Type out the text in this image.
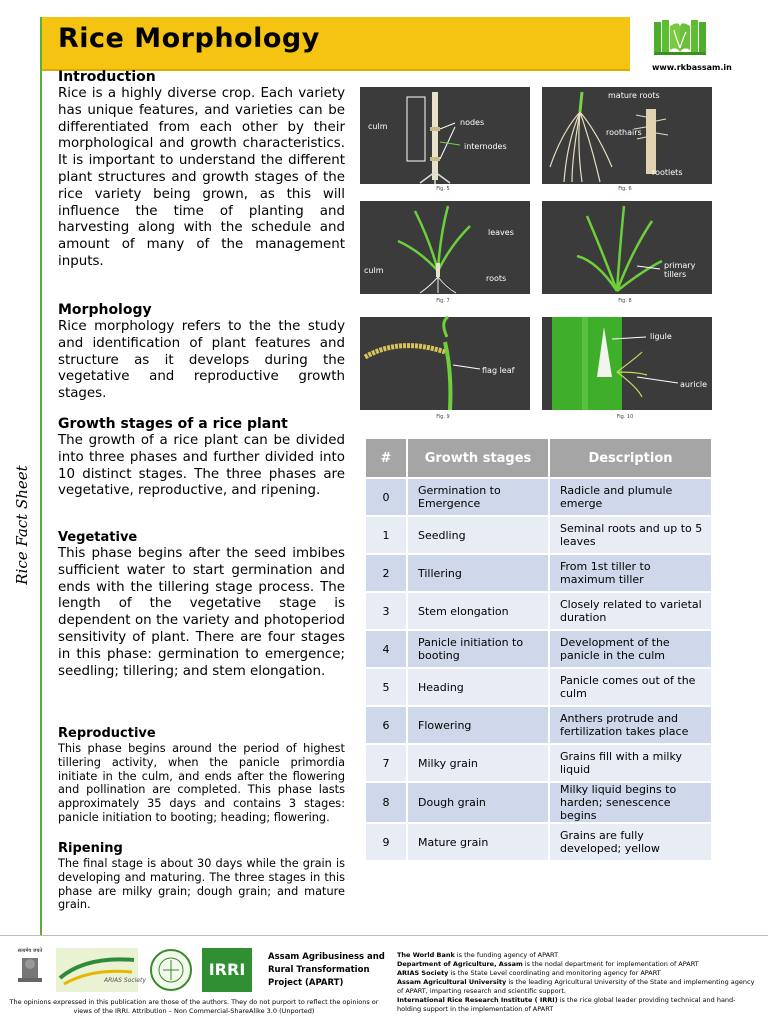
Rice Morphology
Rice Fact Sheet
www.rkbassam.in

Introduction

Rice is a highly diverse crop. Each variety has unique features, and varieties can be differentiated from each other by their morphological and growth characteristics. It is important to understand the different plant structures and growth stages of the rice variety being grown, as this will influence the time of planting and harvesting along with the schedule and amount of many of the management inputs.

Morphology

Rice morphology refers to the the study and identification of plant features and structure as it develops during the vegetative and reproductive growth stages.

Growth stages of a rice plant

The growth of a rice plant can be divided into three phases and further divided into 10 distinct stages. The three phases are vegetative, reproductive, and ripening.

Vegetative

This phase begins after the seed imbibes sufficient water to start germination and ends with the tillering stage process. The length of the vegetative stage is dependent on the variety and photoperiod sensitivity of plant. There are four stages in this phase: germination to emergence; seedling; tillering; and stem elongation.

Reproductive

This phase begins around the period of highest tillering activity, when the panicle primordia initiate in the culm, and ends after the flowering and pollination are completed. This phase lasts approximately 35 days and contains 3 stages: panicle initiation to booting; heading; flowering.

Ripening

The final stage is about 30 days while the grain is developing and maturing. The three stages in this phase are milky grain; dough grain; and mature grain.

culm	nodes
internodes
Fig. 5
mature roots
roothairs
rootlets
Fig. 6
leaves
culm
roots
Fig. 7
primary
tillers
Fig. 8
flag leaf
Fig. 9
ligule
auricle
Fig. 10
#	Growth stages	Description
0	Germination to Emergence	Radicle and plumule emerge
1	Seedling	Seminal roots and up to 5 leaves
2	Tillering	From 1st tiller to maximum tiller
3	Stem elongation	Closely related to varietal duration
4	Panicle initiation to booting	Development of the panicle in the culm
5	Heading	Panicle comes out of the culm
6	Flowering	Anthers protrude and fertilization takes place
7	Milky grain	Grains fill with a milky liquid
8	Dough grain	Milky liquid begins to harden; senescence begins
9	Mature grain	Grains are fully developed; yellow
सत्यमेव जयते
ARIAS Society
IRRI
Assam Agribusiness and Rural Transformation Project (APART)
The opinions expressed in this publication are those of the authors. They do not purport to reflect the opinions or views of the IRRI. Attribution – Non Commercial-ShareAlike 3.0 (Unported)

The World Bank is the funding agency of APART

Department of Agriculture, Assam is the nodal department for implementation of APART

ARIAS Society is the State Level coordinating and monitoring agency for APART

Assam Agricultural University is the leading Agricultural University of the State and implementing agency of APART, imparting research and scientific support.

International Rice Research Institute ( IRRI) is the rice global leader providing technical and hand-holding support in the implementation of APART
